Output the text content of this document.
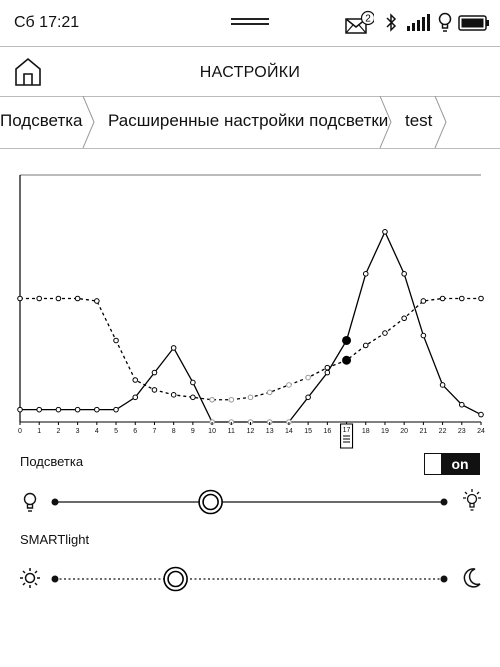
Сб 17:21	2
НАСТРОЙКИ
Подсветка Расширенные настройки подсветки test
0 1 2 3 4 5 6 7 8 9 10 11 12 13 14 15 16	18 19 20 21 22 23 24
17
Подсветка	on
SMARTlight
